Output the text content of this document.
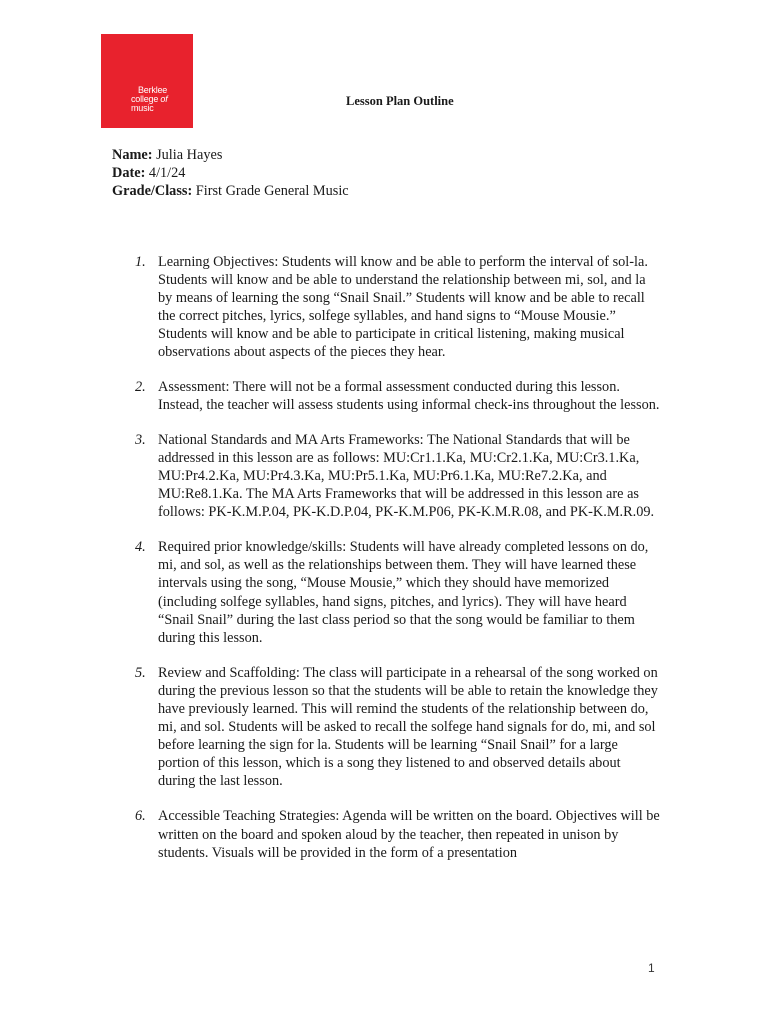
Berklee
college of
music	Lesson Plan Outline
Name: Julia Hayes
Date: 4/1/24
Grade/Class: First Grade General Music
1. Learning Objectives: Students will know and be able to perform the interval of sol-la. Students will know and be able to understand the relationship between mi, sol, and la by means of learning the song “Snail Snail.” Students will know and be able to recall the correct pitches, lyrics, solfege syllables, and hand signs to “Mouse Mousie.” Students will know and be able to participate in critical listening, making musical observations about aspects of the pieces they hear.
2. Assessment: There will not be a formal assessment conducted during this lesson. Instead, the teacher will assess students using informal check-ins throughout the lesson.
3. National Standards and MA Arts Frameworks: The National Standards that will be addressed in this lesson are as follows: MU:Cr1.1.Ka, MU:Cr2.1.Ka, MU:Cr3.1.Ka, MU:Pr4.2.Ka, MU:Pr4.3.Ka, MU:Pr5.1.Ka, MU:Pr6.1.Ka, MU:Re7.2.Ka, and MU:Re8.1.Ka. The MA Arts Frameworks that will be addressed in this lesson are as follows: PK-K.M.P.04, PK-K.D.P.04, PK-K.M.P06, PK-K.M.R.08, and PK-K.M.R.09.
4. Required prior knowledge/skills: Students will have already completed lessons on do, mi, and sol, as well as the relationships between them. They will have learned these intervals using the song, “Mouse Mousie,” which they should have memorized (including solfege syllables, hand signs, pitches, and lyrics). They will have heard “Snail Snail” during the last class period so that the song would be familiar to them during this lesson.
5. Review and Scaffolding: The class will participate in a rehearsal of the song worked on during the previous lesson so that the students will be able to retain the knowledge they have previously learned. This will remind the students of the relationship between do, mi, and sol. Students will be asked to recall the solfege hand signals for do, mi, and sol before learning the sign for la. Students will be learning “Snail Snail” for a large portion of this lesson, which is a song they listened to and observed details about during the last lesson.
6. Accessible Teaching Strategies: Agenda will be written on the board. Objectives will be written on the board and spoken aloud by the teacher, then repeated in unison by students. Visuals will be provided in the form of a presentation
1
